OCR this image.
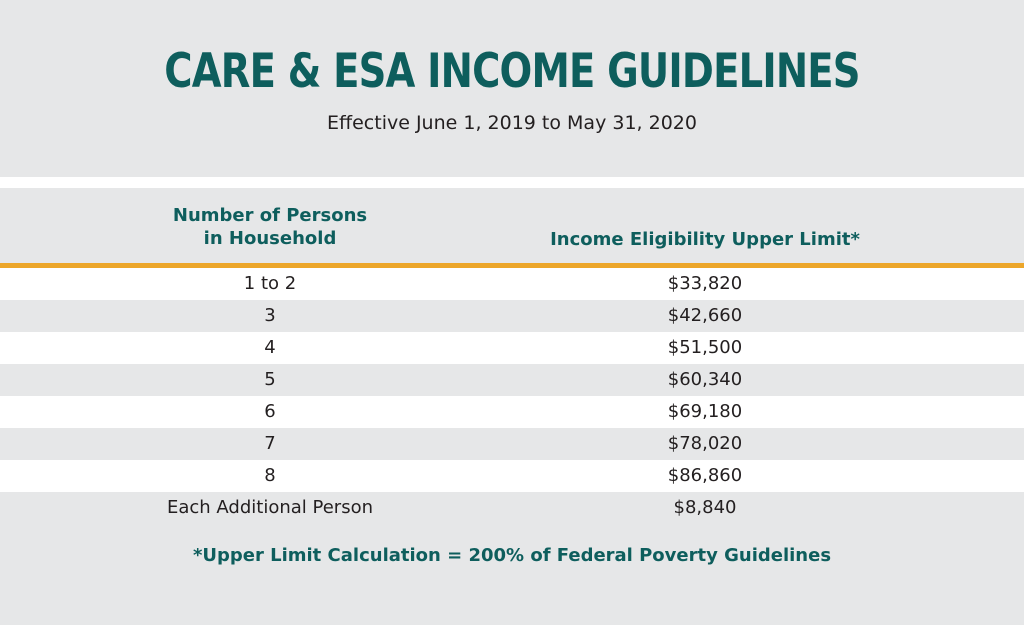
CARE & ESA INCOME GUIDELINES
Effective June 1, 2019 to May 31, 2020
Number of Persons
in Household	Income Eligibility Upper Limit*
1 to 2	$33,820
3	$42,660
4	$51,500
5	$60,340
6	$69,180
7	$78,020
8	$86,860
Each Additional Person	$8,840
*Upper Limit Calculation = 200% of Federal Poverty Guidelines
